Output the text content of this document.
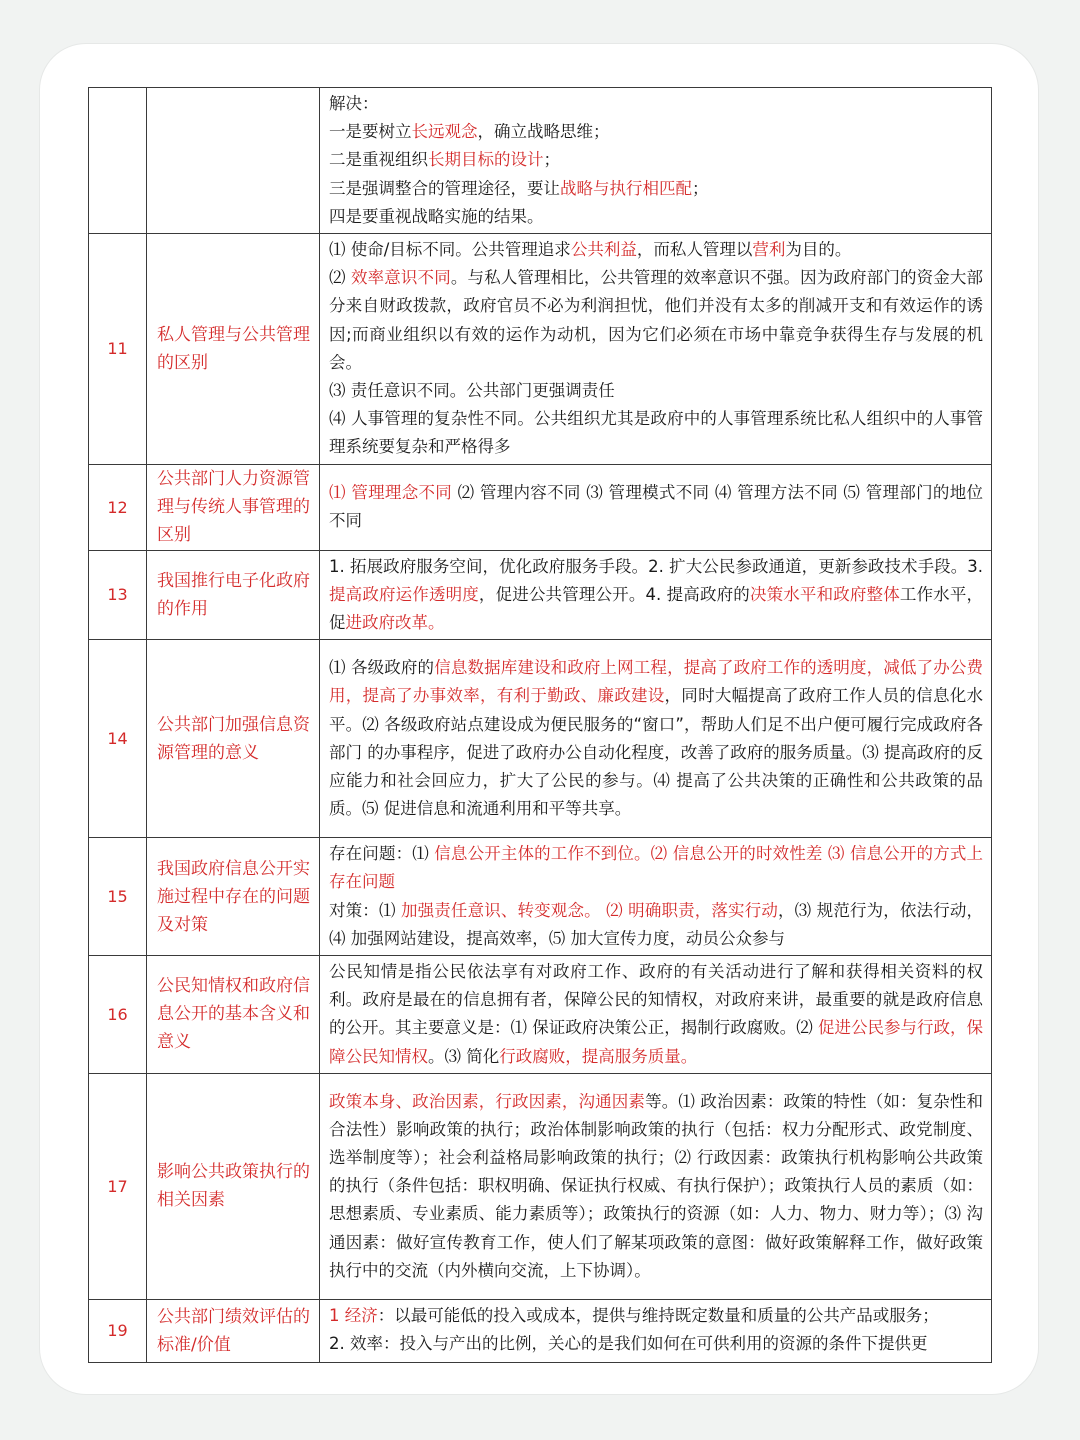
		解决：

一是要树立长远观念，确立战略思维；

二是重视组织长期目标的设计；

三是强调整合的管理途径，要让战略与执行相匹配；

四是要重视战略实施的结果。

11	私人管理与公共管理的区别	⑴ 使命/目标不同。公共管理追求公共利益，而私人管理以营利为目的。

⑵ 效率意识不同。与私人管理相比，公共管理的效率意识不强。因为政府部门的资金大部分来自财政拨款，政府官员不必为利润担忧，他们并没有太多的削减开支和有效运作的诱因;而商业组织以有效的运作为动机，因为它们必须在市场中靠竞争获得生存与发展的机会。

⑶ 责任意识不同。公共部门更强调责任

⑷ 人事管理的复杂性不同。公共组织尤其是政府中的人事管理系统比私人组织中的人事管理系统要复杂和严格得多

12	公共部门人力资源管理与传统人事管理的区别	⑴ 管理理念不同 ⑵ 管理内容不同 ⑶ 管理模式不同 ⑷ 管理方法不同 ⑸ 管理部门的地位不同

13	我国推行电子化政府的作用	1. 拓展政府服务空间，优化政府服务手段。2. 扩大公民参政通道，更新参政技术手段。3. 提高政府运作透明度，促进公共管理公开。4. 提高政府的决策水平和政府整体工作水平，促进政府改革。

14	公共部门加强信息资源管理的意义	⑴ 各级政府的信息数据库建设和政府上网工程，提高了政府工作的透明度，减低了办公费用，提高了办事效率，有利于勤政、廉政建设，同时大幅提高了政府工作人员的信息化水平。⑵ 各级政府站点建设成为便民服务的“窗口”，帮助人们足不出户便可履行完成政府各部门 的办事程序，促进了政府办公自动化程度，改善了政府的服务质量。⑶ 提高政府的反应能力和社会回应力，扩大了公民的参与。⑷ 提高了公共决策的正确性和公共政策的品质。⑸ 促进信息和流通利用和平等共享。

15	我国政府信息公开实施过程中存在的问题及对策	存在问题：⑴ 信息公开主体的工作不到位。⑵ 信息公开的时效性差 ⑶ 信息公开的方式上存在问题

对策：⑴ 加强责任意识、转变观念。 ⑵ 明确职责，落实行动，⑶ 规范行为，依法行动，⑷ 加强网站建设，提高效率，⑸ 加大宣传力度，动员公众参与

16	公民知情权和政府信息公开的基本含义和意义	公民知情是指公民依法享有对政府工作、政府的有关活动进行了解和获得相关资料的权利。政府是最在的信息拥有者，保障公民的知情权，对政府来讲，最重要的就是政府信息的公开。其主要意义是：⑴ 保证政府决策公正，揭制行政腐败。⑵ 促进公民参与行政，保障公民知情权。⑶ 简化行政腐败，提高服务质量。

17	影响公共政策执行的相关因素	政策本身、政治因素，行政因素，沟通因素等。⑴ 政治因素：政策的特性（如：复杂性和合法性）影响政策的执行；政治体制影响政策的执行（包括：权力分配形式、政党制度、选举制度等）；社会利益格局影响政策的执行；⑵ 行政因素：政策执行机构影响公共政策的执行（条件包括：职权明确、保证执行权威、有执行保护）；政策执行人员的素质（如：思想素质、专业素质、能力素质等）；政策执行的资源（如：人力、物力、财力等）；⑶ 沟通因素：做好宣传教育工作，使人们了解某项政策的意图：做好政策解释工作，做好政策执行中的交流（内外横向交流，上下协调）。

19	公共部门绩效评估的标准/价值	1 经济：以最可能低的投入或成本，提供与维持既定数量和质量的公共产品或服务；

2. 效率：投入与产出的比例，关心的是我们如何在可供利用的资源的条件下提供更
